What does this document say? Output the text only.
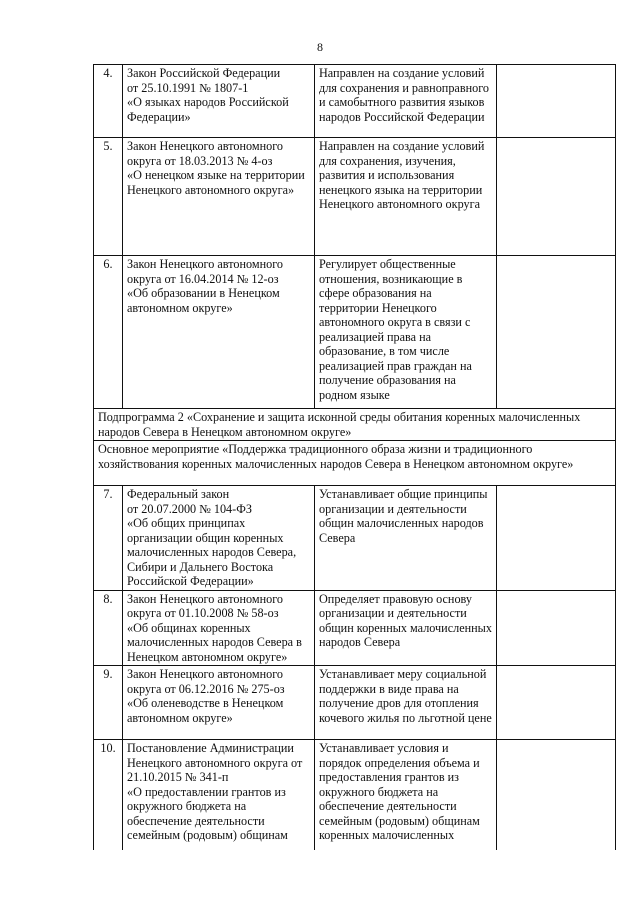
8
4.	Закон Российской Федерации
от 25.10.1991 № 1807-1
«О языках народов Российской Федерации»	Направлен на создание условий для сохранения и равноправного и самобытного развития языков народов Российской Федерации	
5.	Закон Ненецкого автономного округа от 18.03.2013 № 4-оз
«О ненецком языке на территории Ненецкого автономного округа»	Направлен на создание условий для сохранения, изучения, развития и использования ненецкого языка на территории Ненецкого автономного округа	
6.	Закон Ненецкого автономного округа от 16.04.2014 № 12-оз
«Об образовании в Ненецком автономном округе»	Регулирует общественные отношения, возникающие в сфере образования на территории Ненецкого автономного округа в связи с реализацией права на образование, в том числе реализацией прав граждан на получение образования на родном языке	
Подпрограмма 2 «Сохранение и защита исконной среды обитания коренных малочисленных народов Севера в Ненецком автономном округе»			
Основное мероприятие «Поддержка традиционного образа жизни и традиционного хозяйствования коренных малочисленных народов Севера в Ненецком автономном округе»			
7.	Федеральный закон
от 20.07.2000 № 104-ФЗ
«Об общих принципах организации общин коренных малочисленных народов Севера, Сибири и Дальнего Востока Российской Федерации»	Устанавливает общие принципы организации и деятельности общин малочисленных народов Севера	
8.	Закон Ненецкого автономного округа от 01.10.2008 № 58-оз
«Об общинах коренных малочисленных народов Севера в Ненецком автономном округе»	Определяет правовую основу организации и деятельности общин коренных малочисленных народов Севера	
9.	Закон Ненецкого автономного округа от 06.12.2016 № 275-оз
«Об оленеводстве в Ненецком автономном округе»	Устанавливает меру социальной поддержки в виде права на получение дров для отопления кочевого жилья по льготной цене	
10.	Постановление Администрации Ненецкого автономного округа от 21.10.2015 № 341-п
«О предоставлении грантов из окружного бюджета на обеспечение деятельности семейным (родовым) общинам	Устанавливает условия и порядок определения объема и предоставления грантов из окружного бюджета на обеспечение деятельности семейным (родовым) общинам коренных малочисленных	
